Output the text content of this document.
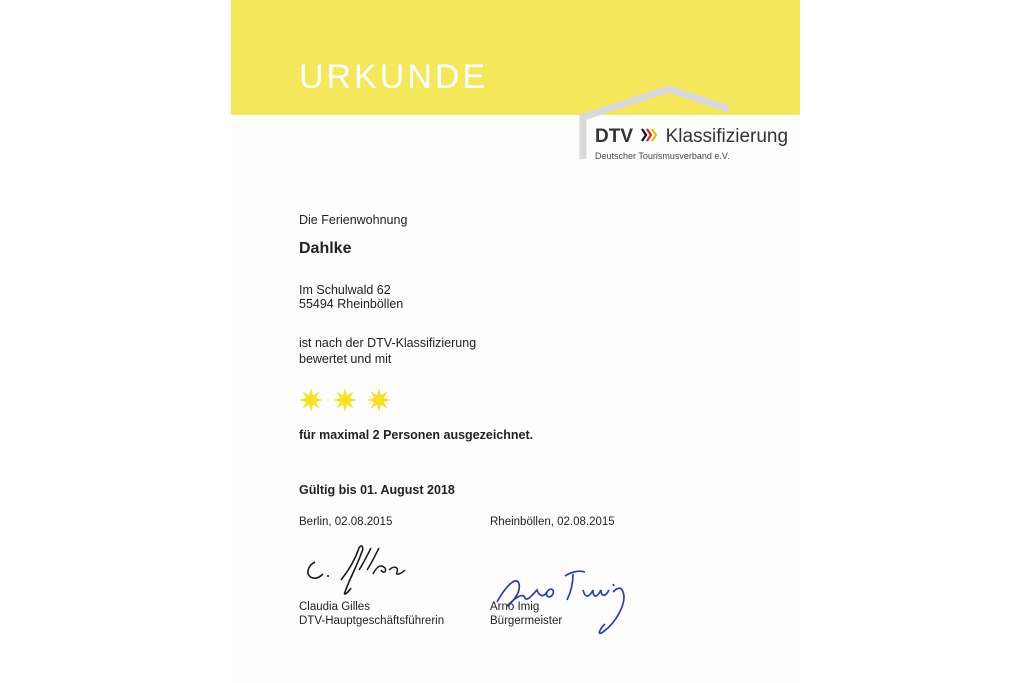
URKUNDE
DTV Klassifizierung
Deutscher Tourismusverband e.V.
Die Ferienwohnung
Dahlke
Im Schulwald 62
55494 Rheinböllen
ist nach der DTV-Klassifizierung
bewertet und mit
für maximal 2 Personen ausgezeichnet.
Gültig bis 01. August 2018
Berlin, 02.08.2015	Rheinböllen, 02.08.2015
Claudia Gilles
DTV-Hauptgeschäftsführerin
Arno Imig
Bürgermeister
